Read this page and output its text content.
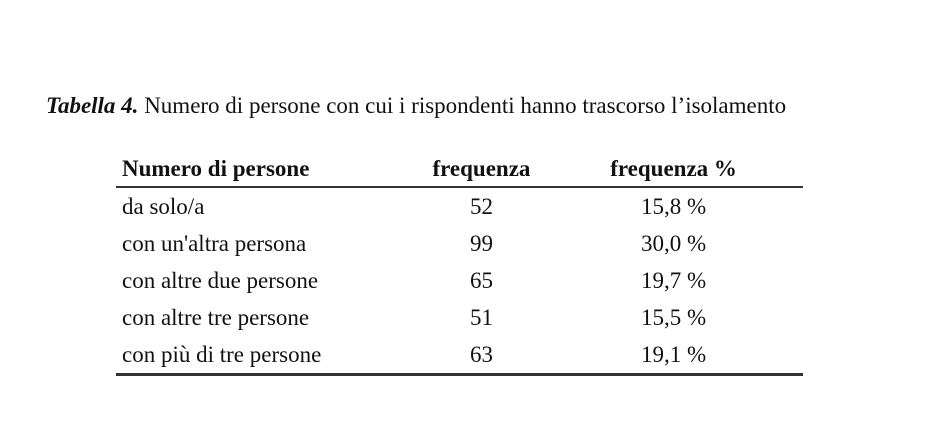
Tabella 4. Numero di persone con cui i rispondenti hanno trascorso l’isolamento
Numero di persone	frequenza	frequenza %
da solo/a	52	15,8 %
con un'altra persona	99	30,0 %
con altre due persone	65	19,7 %
con altre tre persone	51	15,5 %
con più di tre persone	63	19,1 %
